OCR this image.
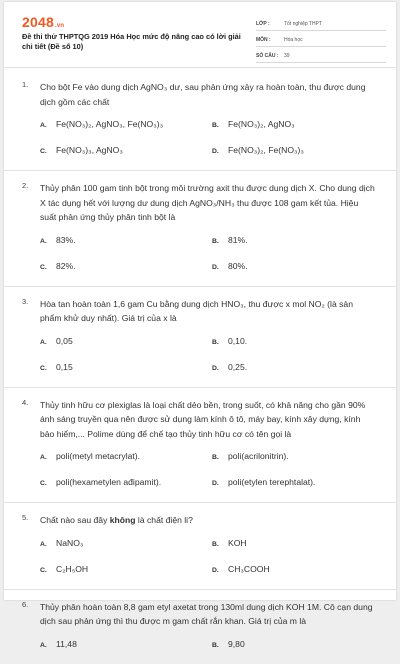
2048.vn
Đề thi thử THPTQG 2019 Hóa Học mức độ nâng cao có lời giải chi tiết (Đề số 10)
LỚP :	Tốt nghiệp THPT
MÔN :	Hóa học
SỐ CÂU :	39
1. Cho bột Fe vào dung dịch AgNO₃ dư, sau phản ứng xảy ra hoàn toàn, thu được dung dịch gồm các chất
A.	Fe(NO₃)₂, AgNO₃, Fe(NO₃)₃	B.	Fe(NO₃)₂, AgNO₃
C.	Fe(NO₃)₃, AgNO₃	D.	Fe(NO₃)₂, Fe(NO₃)₃
2. Thủy phân 100 gam tinh bột trong môi trường axit thu được dung dịch X. Cho dung dịch X tác dụng hết với lượng dư dung dịch AgNO₃/NH₃ thu được 108 gam kết tủa. Hiệu suất phản ứng thủy phân tinh bột là
A.	83%.	B.	81%.
C.	82%.	D.	80%.
3. Hòa tan hoàn toàn 1,6 gam Cu bằng dung dịch HNO₃, thu được x mol NO₂ (là sản phẩm khử duy nhất). Giá trị của x là
A.	0,05	B.	0,10.
C.	0,15	D.	0,25.
4. Thủy tinh hữu cơ plexiglas là loại chất dẻo bền, trong suốt, có khả năng cho gần 90% ánh sáng truyền qua nên được sử dụng làm kính ô tô, máy bay, kính xây dựng, kính bảo hiểm,... Polime dùng để chế tạo thủy tinh hữu cơ có tên gọi là
A.	poli(metyl metacrylat).	B.	poli(acrilonitrin).
C.	poli(hexametylen ađipamit).	D.	poli(etylen terephtalat).
5. Chất nào sau đây không là chất điện li?
A.	NaNO₃	B.	KOH
C.	C₂H₅OH	D.	CH₃COOH
6. Thủy phân hoàn toàn 8,8 gam etyl axetat trong 130ml dung dịch KOH 1M. Cô cạn dung dịch sau phản ứng thì thu được m gam chất rắn khan. Giá trị của m là
A.	11,48	B.	9,80
